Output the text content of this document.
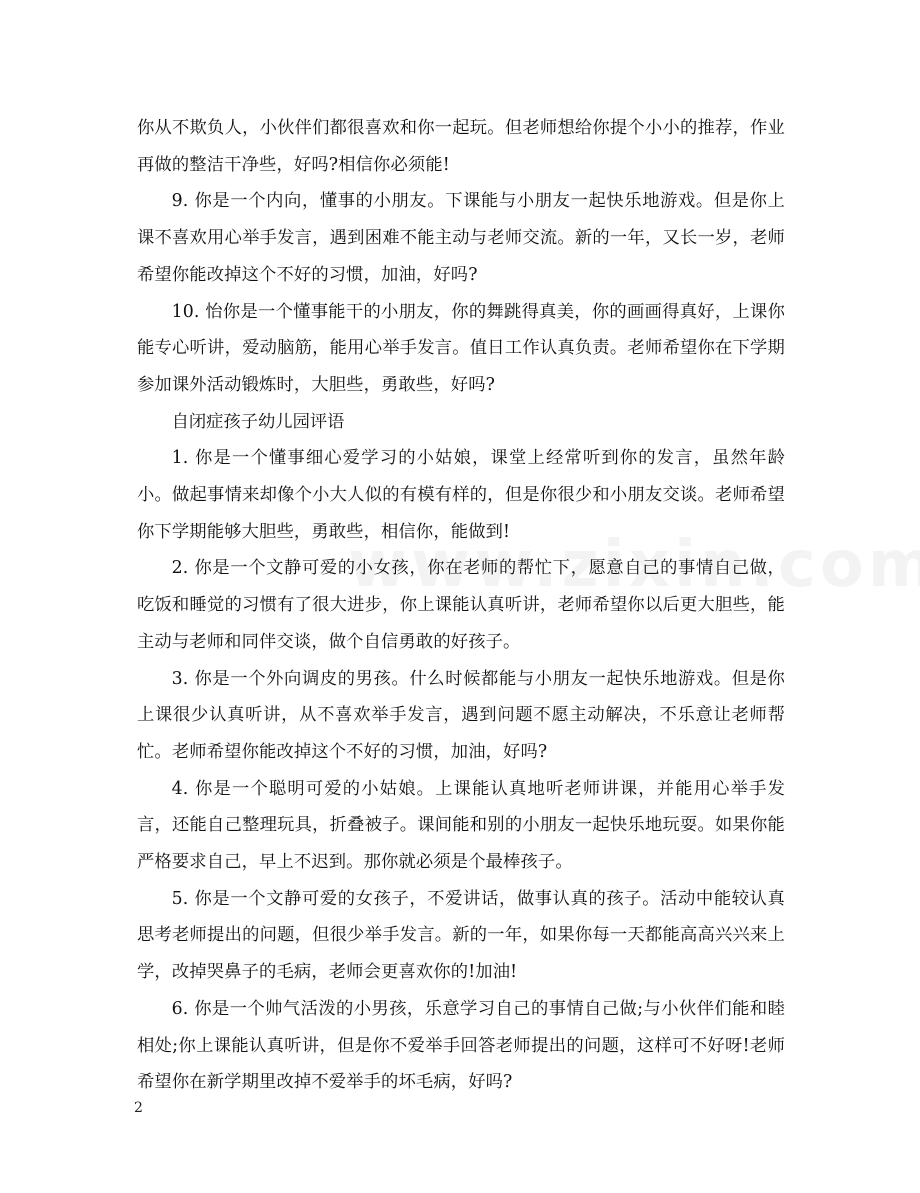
你从不欺负人，小伙伴们都很喜欢和你一起玩。但老师想给你提个小小的推荐，作业再做的整洁干净些，好吗?相信你必须能!

9. 你是一个内向，懂事的小朋友。下课能与小朋友一起快乐地游戏。但是你上课不喜欢用心举手发言，遇到困难不能主动与老师交流。新的一年，又长一岁，老师希望你能改掉这个不好的习惯，加油，好吗?

10. 怡你是一个懂事能干的小朋友，你的舞跳得真美，你的画画得真好，上课你能专心听讲，爱动脑筋，能用心举手发言。值日工作认真负责。老师希望你在下学期参加课外活动锻炼时，大胆些，勇敢些，好吗?

自闭症孩子幼儿园评语

1. 你是一个懂事细心爱学习的小姑娘，课堂上经常听到你的发言，虽然年龄小。做起事情来却像个小大人似的有模有样的，但是你很少和小朋友交谈。老师希望你下学期能够大胆些，勇敢些，相信你，能做到!

2. 你是一个文静可爱的小女孩，你在老师的帮忙下，愿意自己的事情自己做，吃饭和睡觉的习惯有了很大进步，你上课能认真听讲，老师希望你以后更大胆些，能主动与老师和同伴交谈，做个自信勇敢的好孩子。

3. 你是一个外向调皮的男孩。什么时候都能与小朋友一起快乐地游戏。但是你上课很少认真听讲，从不喜欢举手发言，遇到问题不愿主动解决，不乐意让老师帮忙。老师希望你能改掉这个不好的习惯，加油，好吗?

4. 你是一个聪明可爱的小姑娘。上课能认真地听老师讲课，并能用心举手发言，还能自己整理玩具，折叠被子。课间能和别的小朋友一起快乐地玩耍。如果你能严格要求自己，早上不迟到。那你就必须是个最棒孩子。

5. 你是一个文静可爱的女孩子，不爱讲话，做事认真的孩子。活动中能较认真思考老师提出的问题，但很少举手发言。新的一年，如果你每一天都能高高兴兴来上学，改掉哭鼻子的毛病，老师会更喜欢你的!加油!

6. 你是一个帅气活泼的小男孩，乐意学习自己的事情自己做;与小伙伴们能和睦相处;你上课能认真听讲，但是你不爱举手回答老师提出的问题，这样可不好呀!老师希望你在新学期里改掉不爱举手的坏毛病，好吗?

2
